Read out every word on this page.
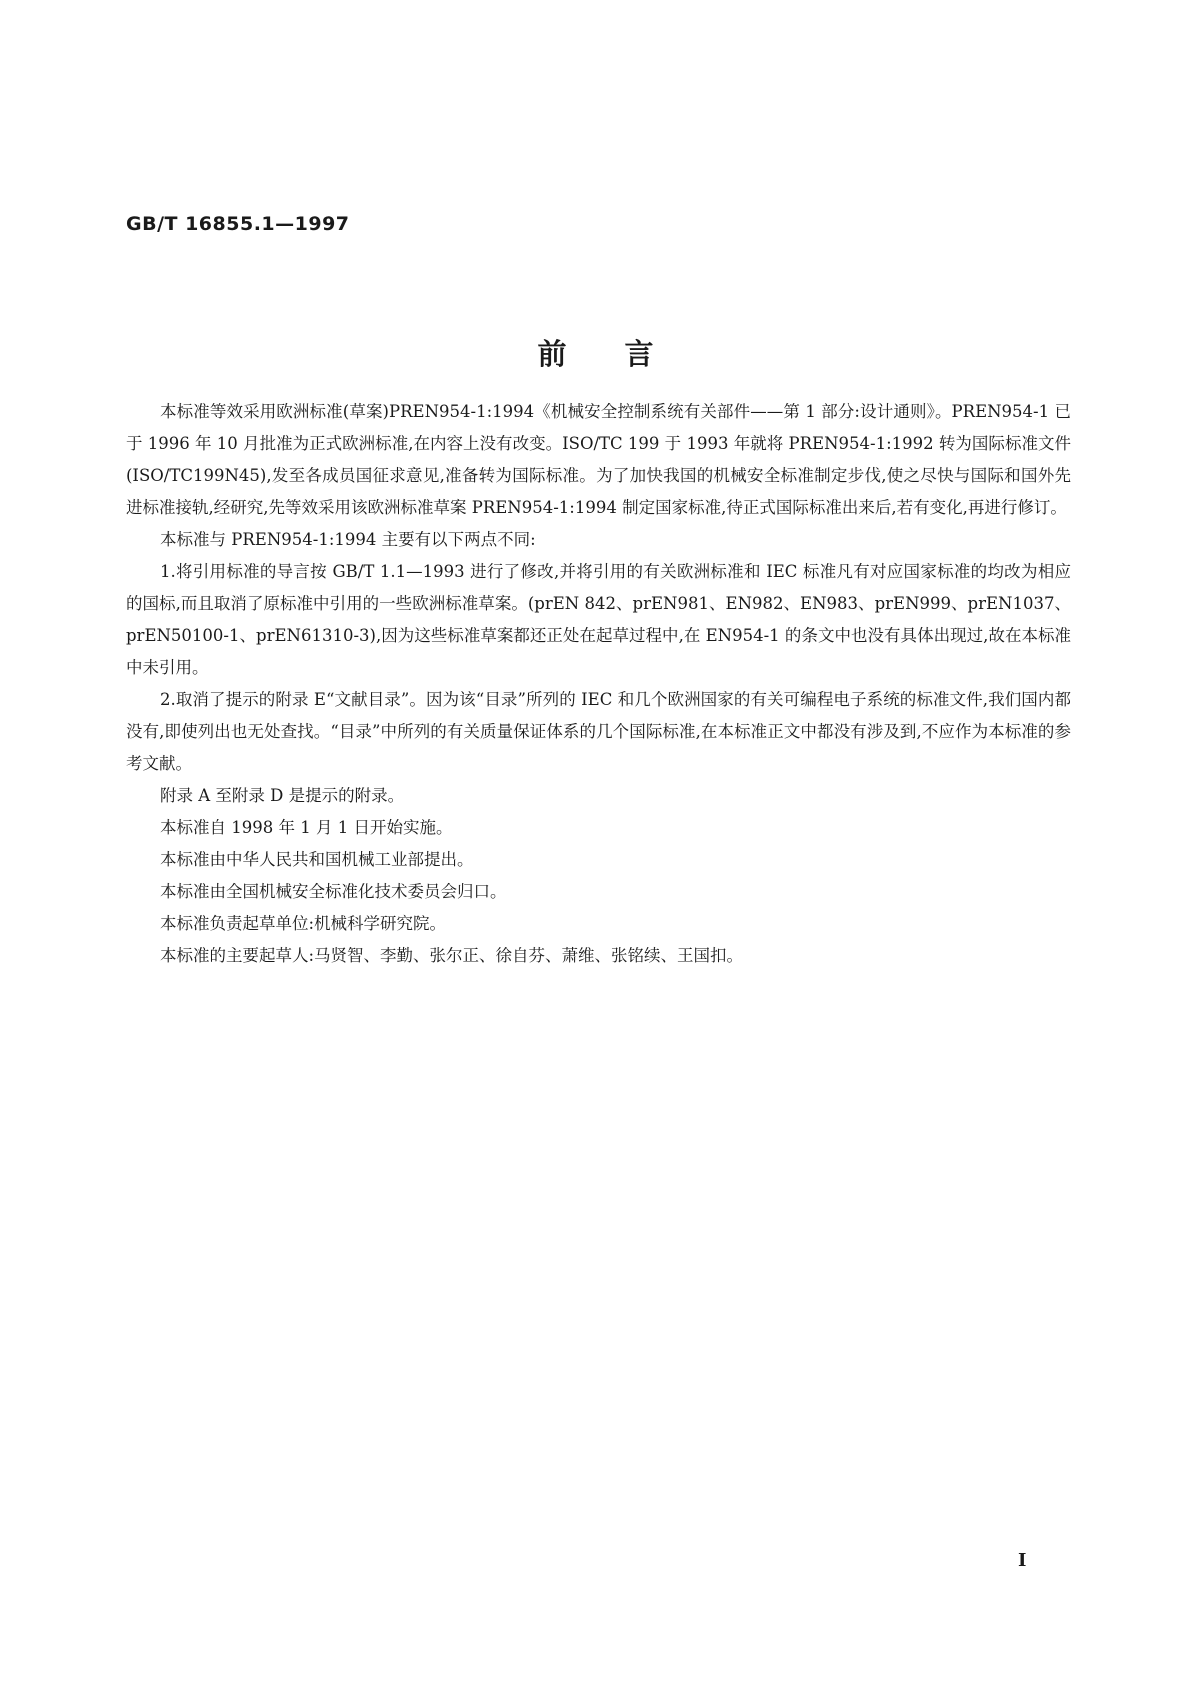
GB/T 16855.1—1997
前言

本标准等效采用欧洲标准(草案)PREN954-1:1994《机械安全控制系统有关部件——第 1 部分:设计通则》。PREN954-1 已于 1996 年 10 月批准为正式欧洲标准,在内容上没有改变。ISO/TC 199 于 1993 年就将 PREN954-1:1992 转为国际标准文件(ISO/TC199N45),发至各成员国征求意见,准备转为国际标准。为了加快我国的机械安全标准制定步伐,使之尽快与国际和国外先进标准接轨,经研究,先等效采用该欧洲标准草案 PREN954-1:1994 制定国家标准,待正式国际标准出来后,若有变化,再进行修订。

本标准与 PREN954-1:1994 主要有以下两点不同:

1.将引用标准的导言按 GB/T 1.1—1993 进行了修改,并将引用的有关欧洲标准和 IEC 标准凡有对应国家标准的均改为相应的国标,而且取消了原标准中引用的一些欧洲标准草案。(prEN 842、prEN981、EN982、EN983、prEN999、prEN1037、prEN50100-1、prEN61310-3),因为这些标准草案都还正处在起草过程中,在 EN954-1 的条文中也没有具体出现过,故在本标准中未引用。

2.取消了提示的附录 E“文献目录”。因为该“目录”所列的 IEC 和几个欧洲国家的有关可编程电子系统的标准文件,我们国内都没有,即使列出也无处查找。“目录”中所列的有关质量保证体系的几个国际标准,在本标准正文中都没有涉及到,不应作为本标准的参考文献。

附录 A 至附录 D 是提示的附录。

本标准自 1998 年 1 月 1 日开始实施。

本标准由中华人民共和国机械工业部提出。

本标准由全国机械安全标准化技术委员会归口。

本标准负责起草单位:机械科学研究院。

本标准的主要起草人:马贤智、李勤、张尔正、徐自芬、萧维、张铭续、王国扣。

I
